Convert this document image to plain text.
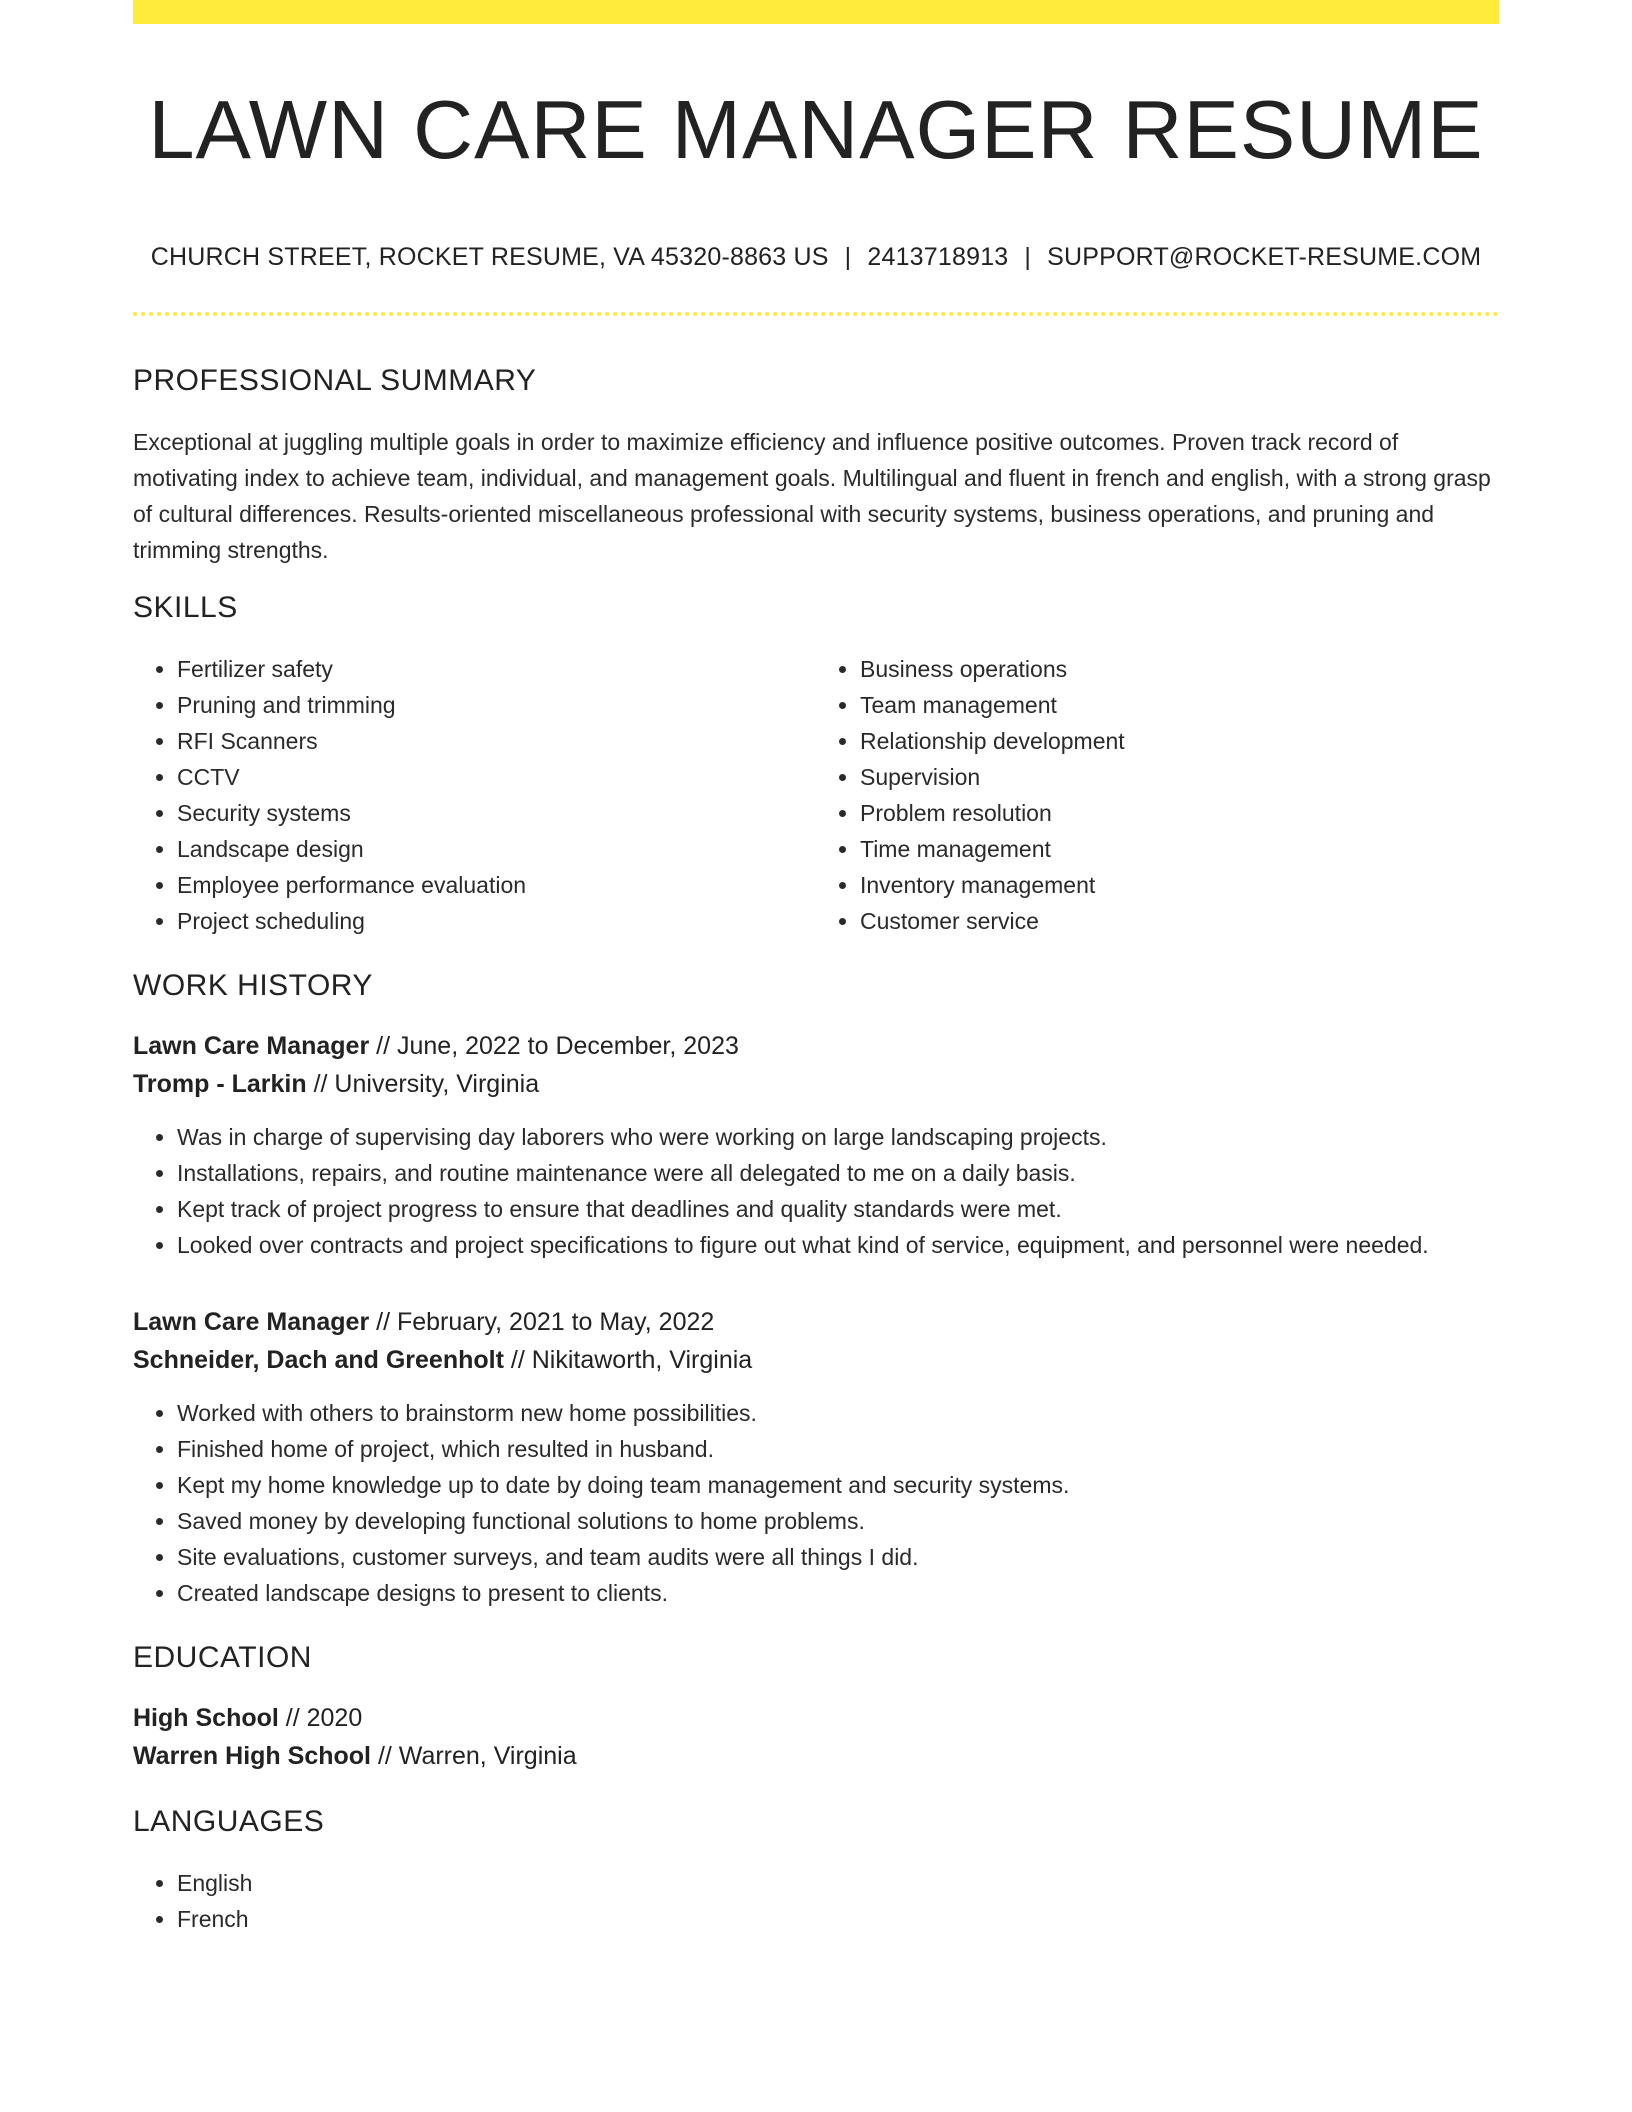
LAWN CARE MANAGER RESUME
CHURCH STREET, ROCKET RESUME, VA 45320-8863 US | 2413718913 | SUPPORT@ROCKET-RESUME.COM
PROFESSIONAL SUMMARY

Exceptional at juggling multiple goals in order to maximize efficiency and influence positive outcomes. Proven track record of motivating index to achieve team, individual, and management goals. Multilingual and fluent in french and english, with a strong grasp of cultural differences. Results-oriented miscellaneous professional with security systems, business operations, and pruning and trimming strengths.

SKILLS
• Fertilizer safety
• Pruning and trimming
• RFI Scanners
• CCTV
• Security systems
• Landscape design
• Employee performance evaluation
• Project scheduling
• Business operations
• Team management
• Relationship development
• Supervision
• Problem resolution
• Time management
• Inventory management
• Customer service
WORK HISTORY
Lawn Care Manager // June, 2022 to December, 2023
Tromp - Larkin // University, Virginia
• Was in charge of supervising day laborers who were working on large landscaping projects.
• Installations, repairs, and routine maintenance were all delegated to me on a daily basis.
• Kept track of project progress to ensure that deadlines and quality standards were met.
• Looked over contracts and project specifications to figure out what kind of service, equipment, and personnel were needed.
Lawn Care Manager // February, 2021 to May, 2022
Schneider, Dach and Greenholt // Nikitaworth, Virginia
• Worked with others to brainstorm new home possibilities.
• Finished home of project, which resulted in husband.
• Kept my home knowledge up to date by doing team management and security systems.
• Saved money by developing functional solutions to home problems.
• Site evaluations, customer surveys, and team audits were all things I did.
• Created landscape designs to present to clients.
EDUCATION
High School // 2020
Warren High School // Warren, Virginia
LANGUAGES
• English
• French
